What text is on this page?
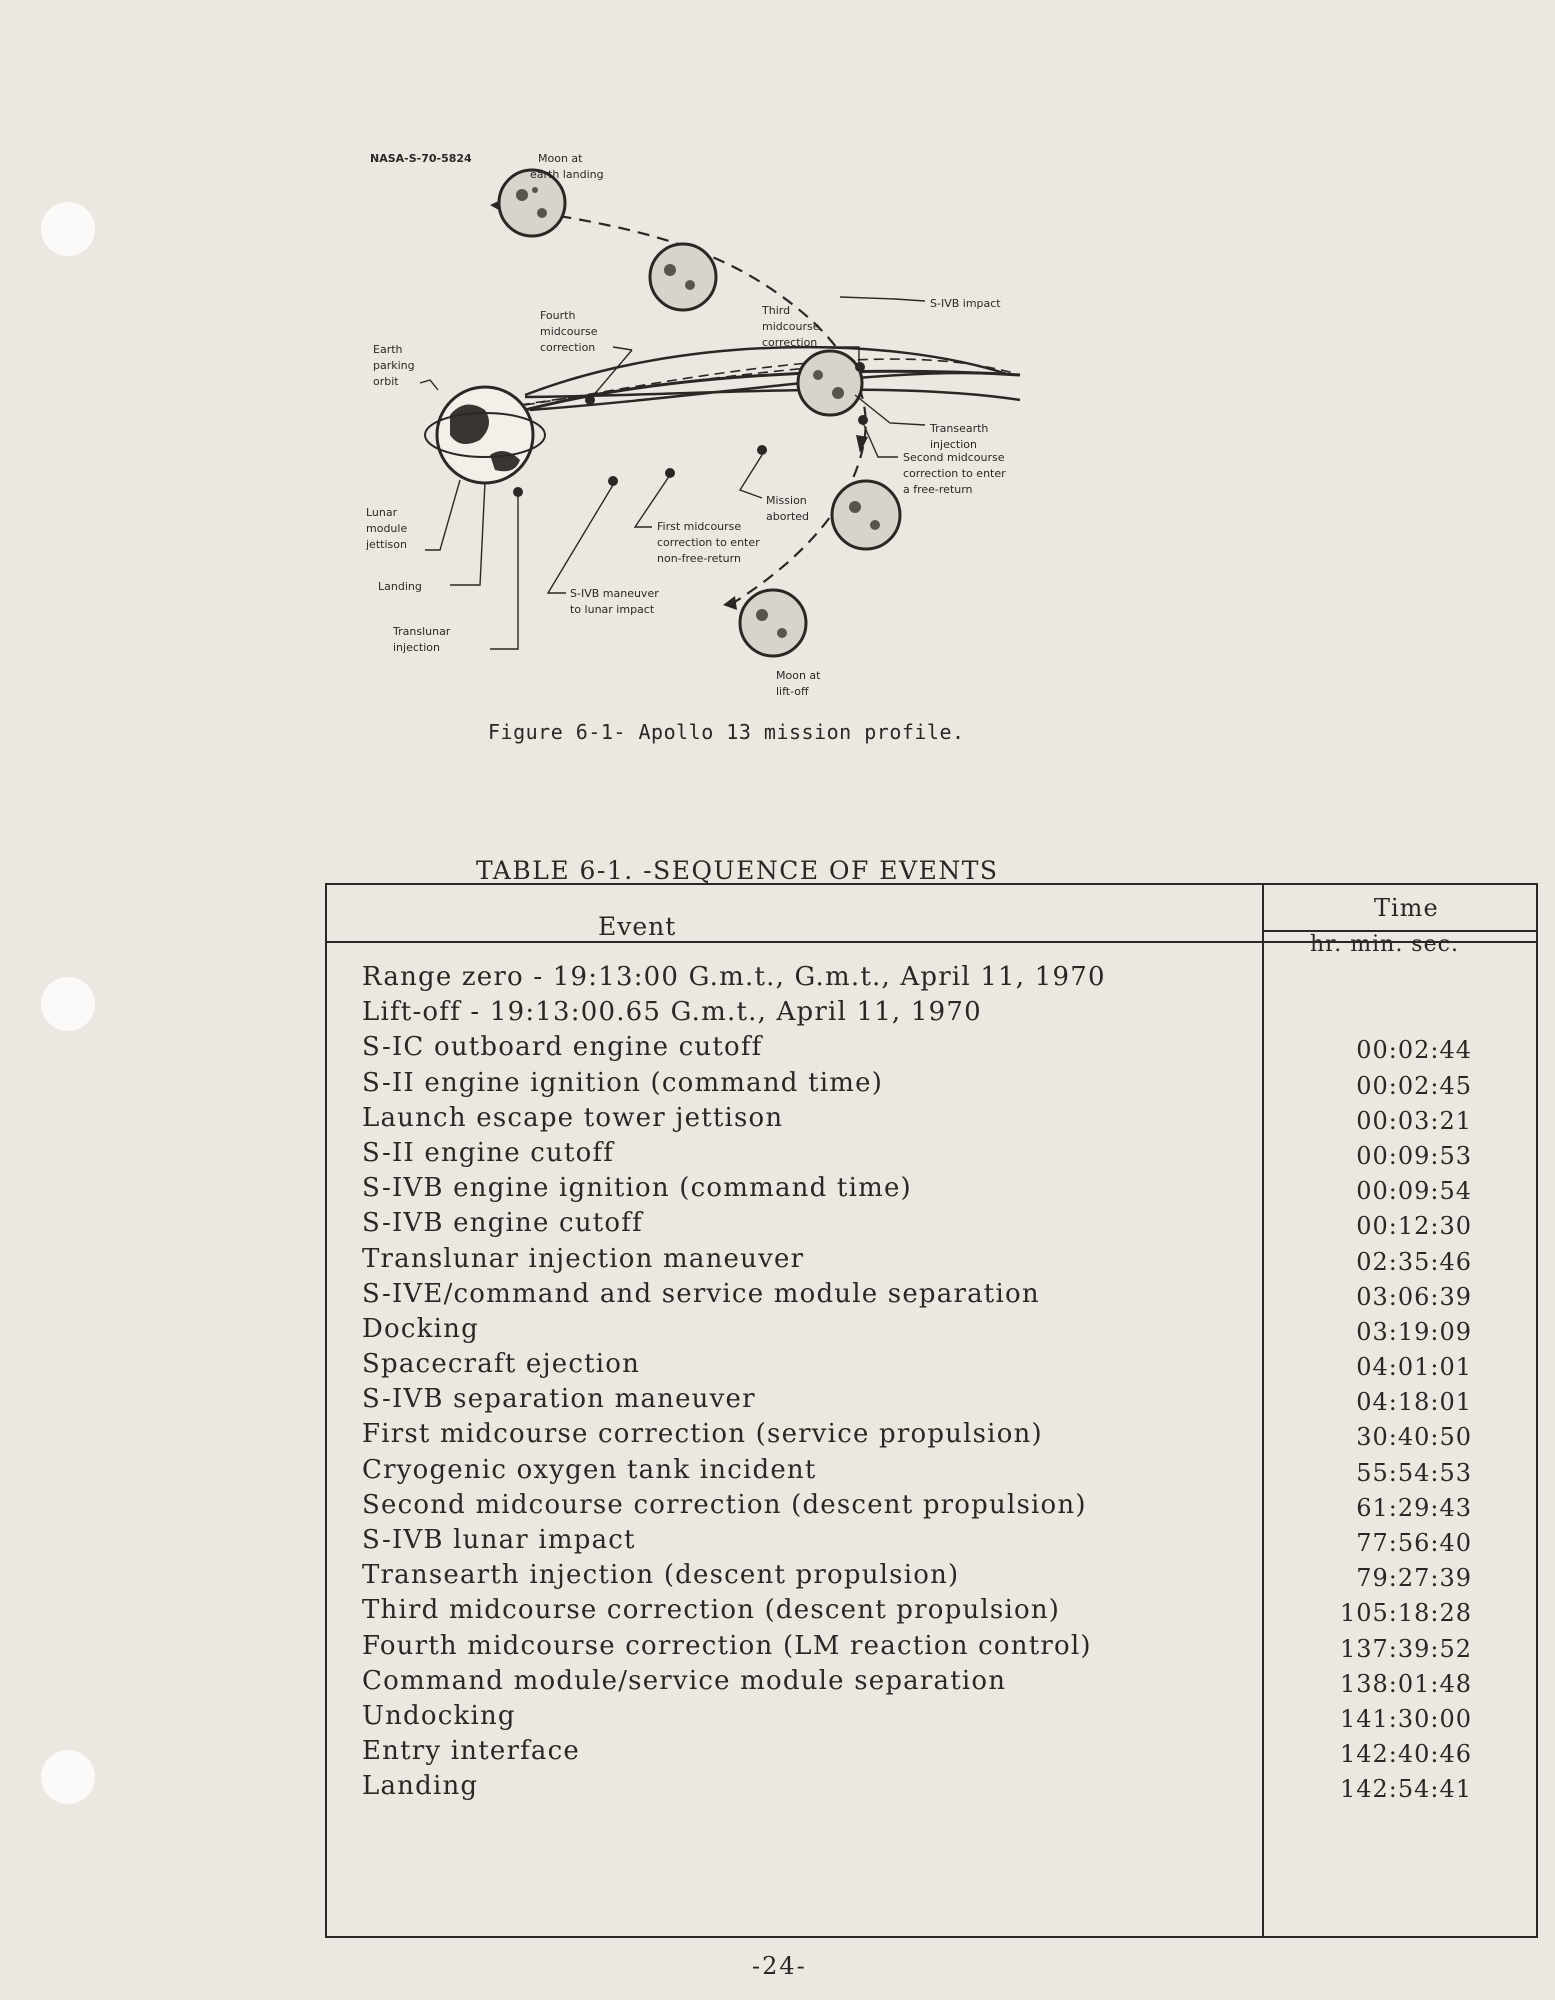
NASA-S-70-5824	Moon at earth landing
S-IVB impact
Fourth midcourse correction
Third midcourse correction
Earth parking orbit
Transearth injection
Second midcourse correction to enter a free-return
Mission aborted
Lunar module jettison
First midcourse correction to enter non-free-return
Landing
S-IVB maneuver to lunar impact
Translunar injection
Moon at lift-off
Figure 6-1- Apollo 13 mission profile.
TABLE 6-1. -SEQUENCE OF EVENTS
Event
Time
hr. min. sec.
Range zero - 19:13:00 G.m.t., G.m.t., April 11, 1970
Lift-off - 19:13:00.65 G.m.t., April 11, 1970
S-IC outboard engine cutoff	00:02:44
S-II engine ignition (command time)	00:02:45
Launch escape tower jettison	00:03:21
S-II engine cutoff	00:09:53
S-IVB engine ignition (command time)	00:09:54
S-IVB engine cutoff	00:12:30
Translunar injection maneuver	02:35:46
S-IVE/command and service module separation	03:06:39
Docking	03:19:09
Spacecraft ejection	04:01:01
S-IVB separation maneuver	04:18:01
First midcourse correction (service propulsion)	30:40:50
Cryogenic oxygen tank incident	55:54:53
Second midcourse correction (descent propulsion)	61:29:43
S-IVB lunar impact	77:56:40
Transearth injection (descent propulsion)	79:27:39
Third midcourse correction (descent propulsion)	105:18:28
Fourth midcourse correction (LM reaction control)	137:39:52
Command module/service module separation	138:01:48
Undocking	141:30:00
Entry interface	142:40:46
Landing	142:54:41
-24-
